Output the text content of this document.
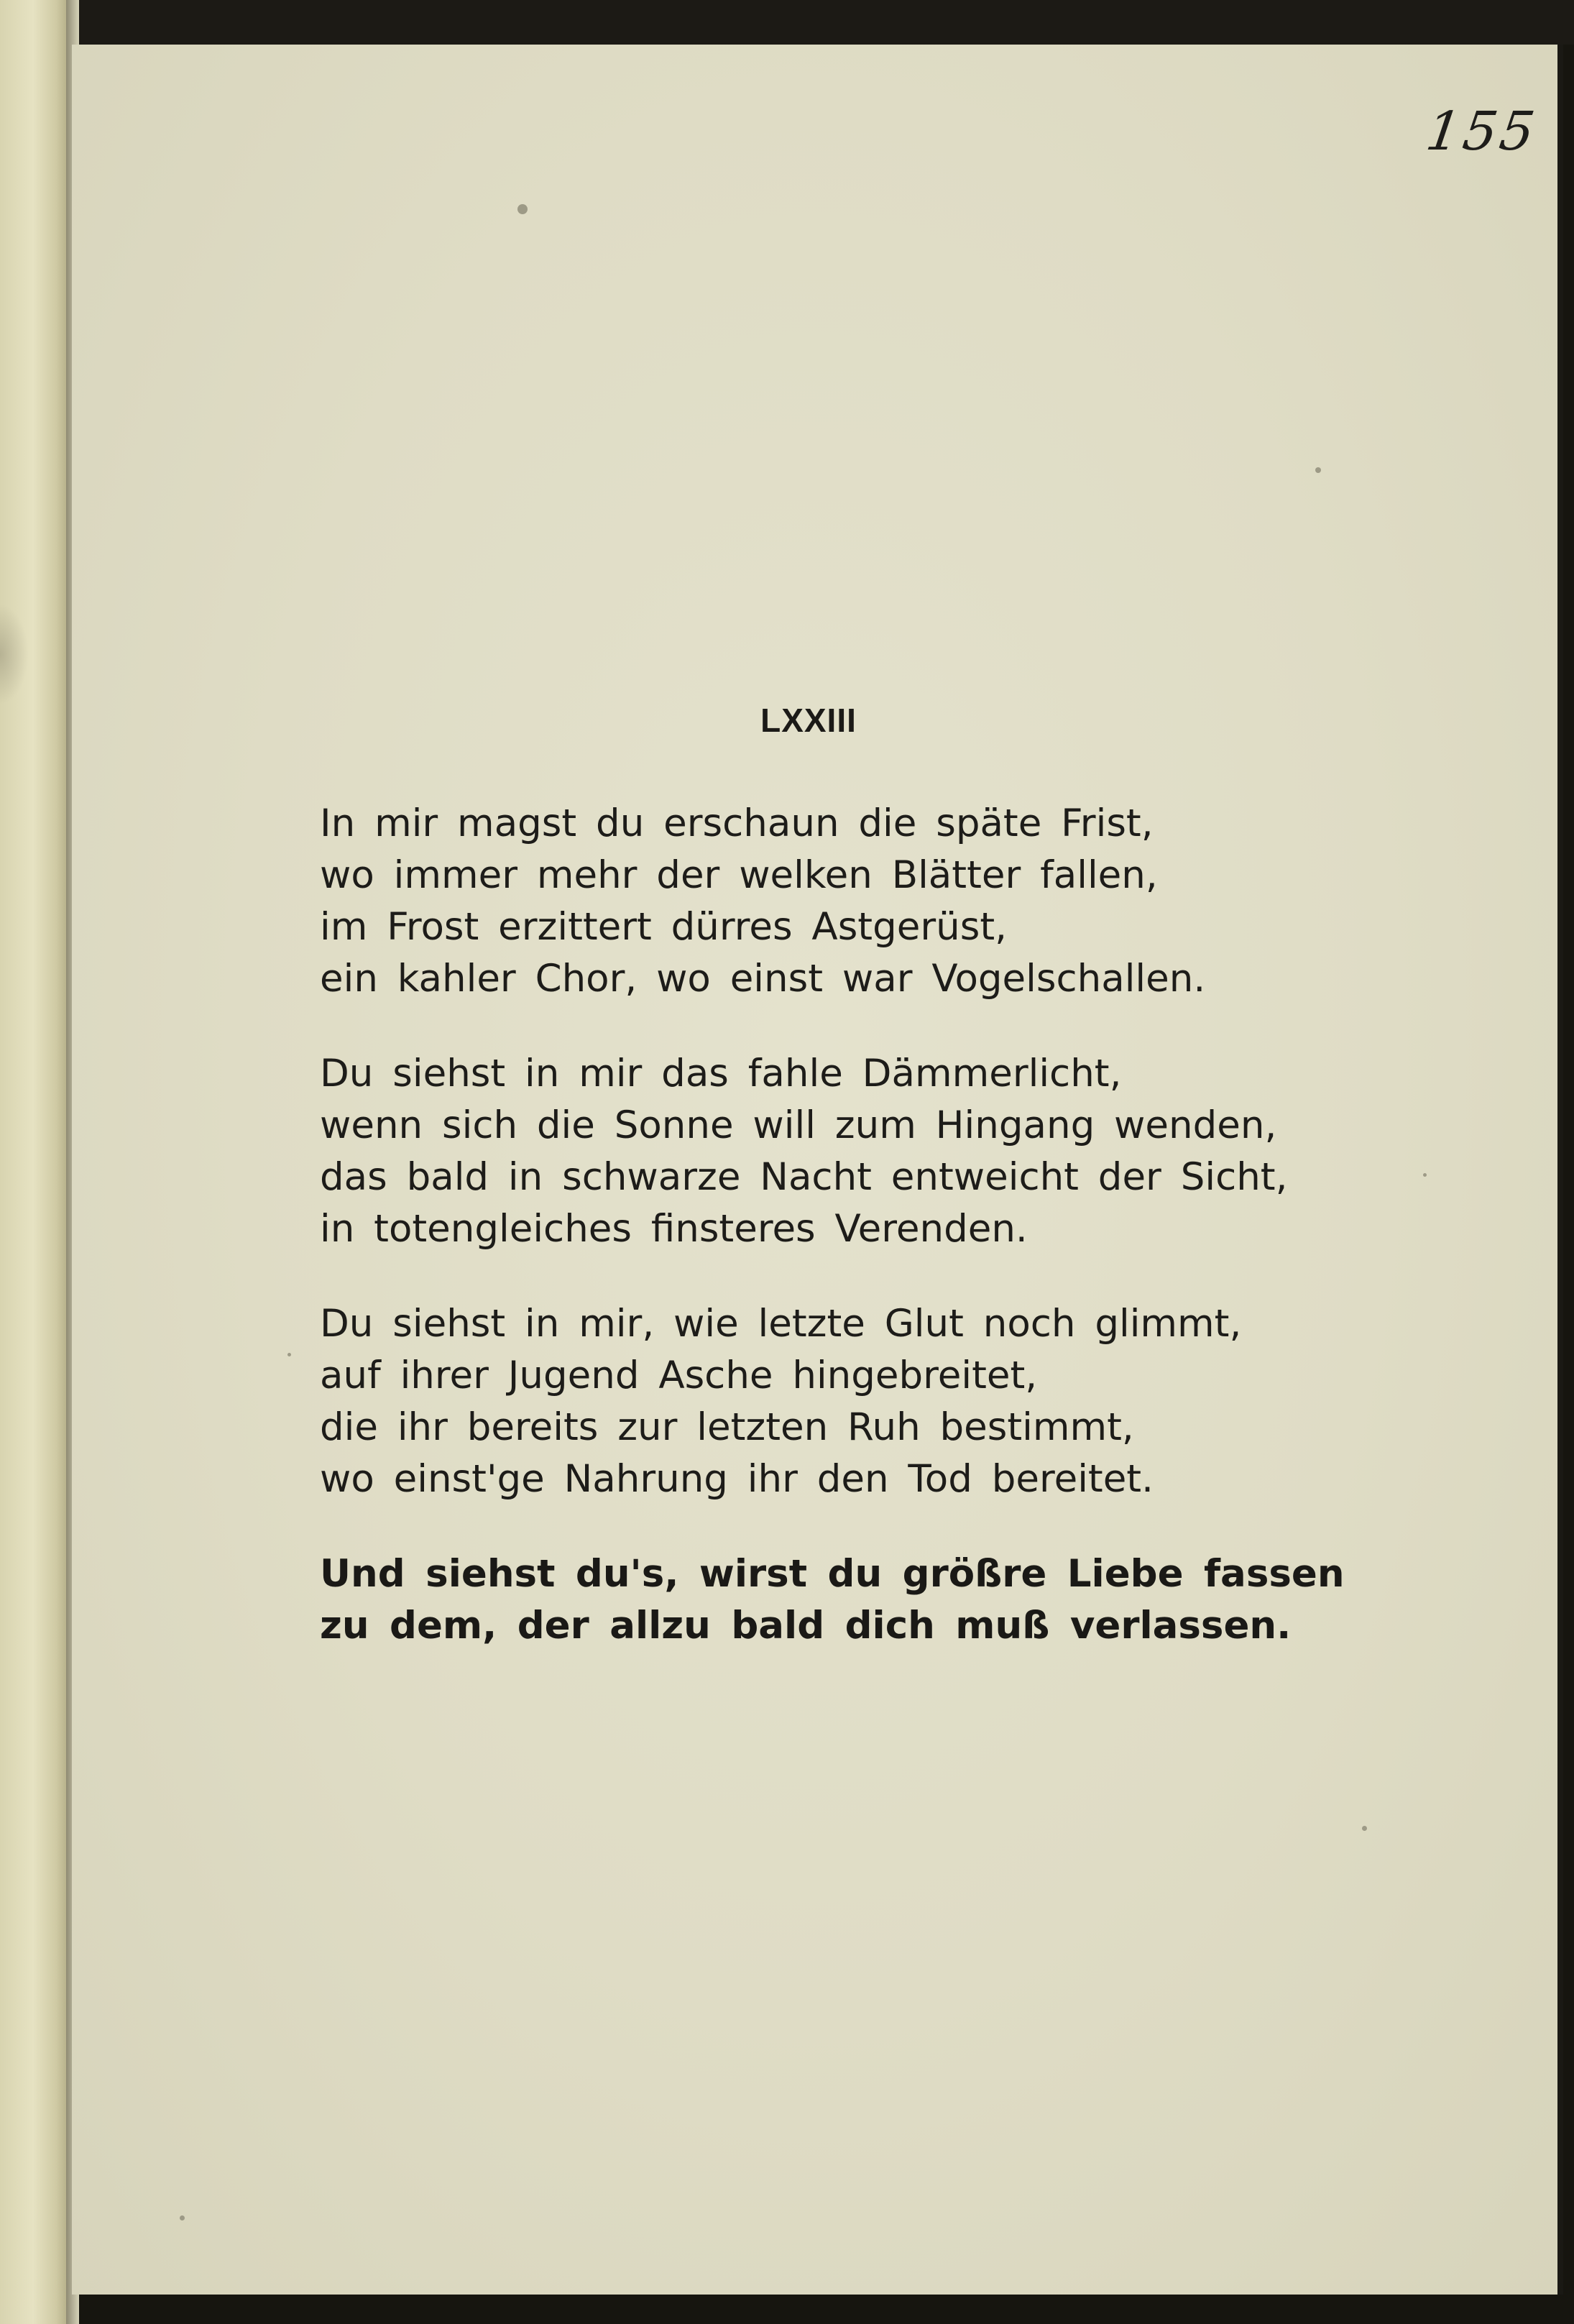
155
LXXIII
In mir magst du erschaun die späte Frist,
wo immer mehr der welken Blätter fallen,
im Frost erzittert dürres Astgerüst,
ein kahler Chor, wo einst war Vogelschallen.
Du siehst in mir das fahle Dämmerlicht,
wenn sich die Sonne will zum Hingang wenden,
das bald in schwarze Nacht entweicht der Sicht,
in totengleiches finsteres Verenden.
Du siehst in mir, wie letzte Glut noch glimmt,
auf ihrer Jugend Asche hingebreitet,
die ihr bereits zur letzten Ruh bestimmt,
wo einst'ge Nahrung ihr den Tod bereitet.
Und siehst du's, wirst du größre Liebe fassen
zu dem, der allzu bald dich muß verlassen.
